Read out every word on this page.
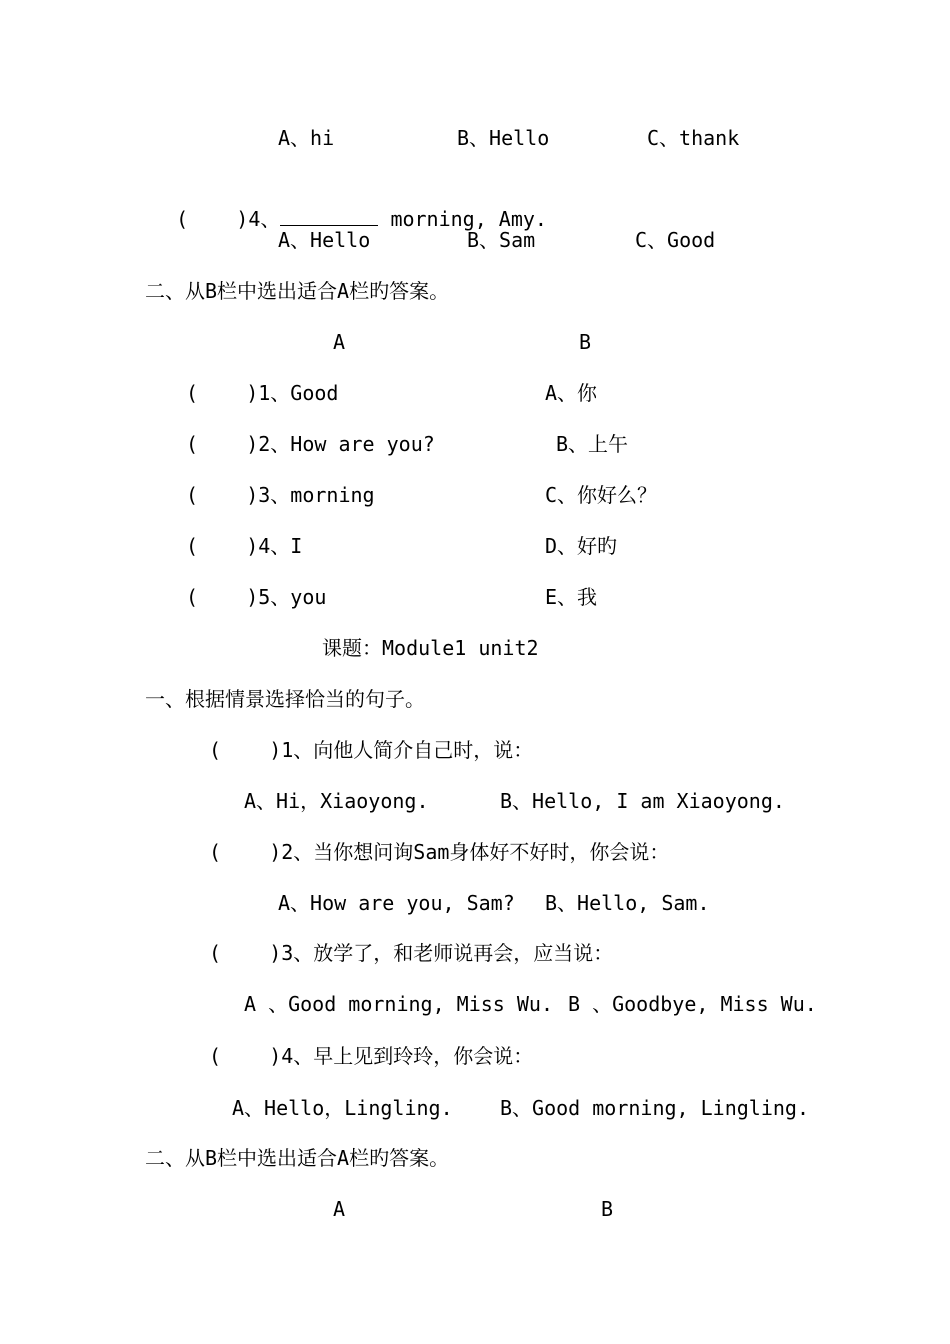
A、hi	B、Hello	C、thank

(    )4、	morning, Amy.

A、Hello	B、Sam	C、Good
二、从B栏中选出适合A栏旳答案。
A	B
(    )1、Good	A、你
(    )2、How are you?	B、上午
(    )3、morning	C、你好么？
(    )4、I	D、好旳
(    )5、you	E、我
课题：Module1 unit2
一、根据情景选择恰当的句子。
(    )1、向他人简介自己时，说：
A、Hi，Xiaoyong.	B、Hello, I am Xiaoyong.
(    )2、当你想问询Sam身体好不好时，你会说：
A、How are you, Sam? B、Hello, Sam.
(    )3、放学了，和老师说再会，应当说：
A 、Good morning, Miss Wu. B 、Goodbye, Miss Wu.
(    )4、早上见到玲玲，你会说：
A、Hello，Lingling. B、Good morning, Lingling.
二、从B栏中选出适合A栏旳答案。
A	B
